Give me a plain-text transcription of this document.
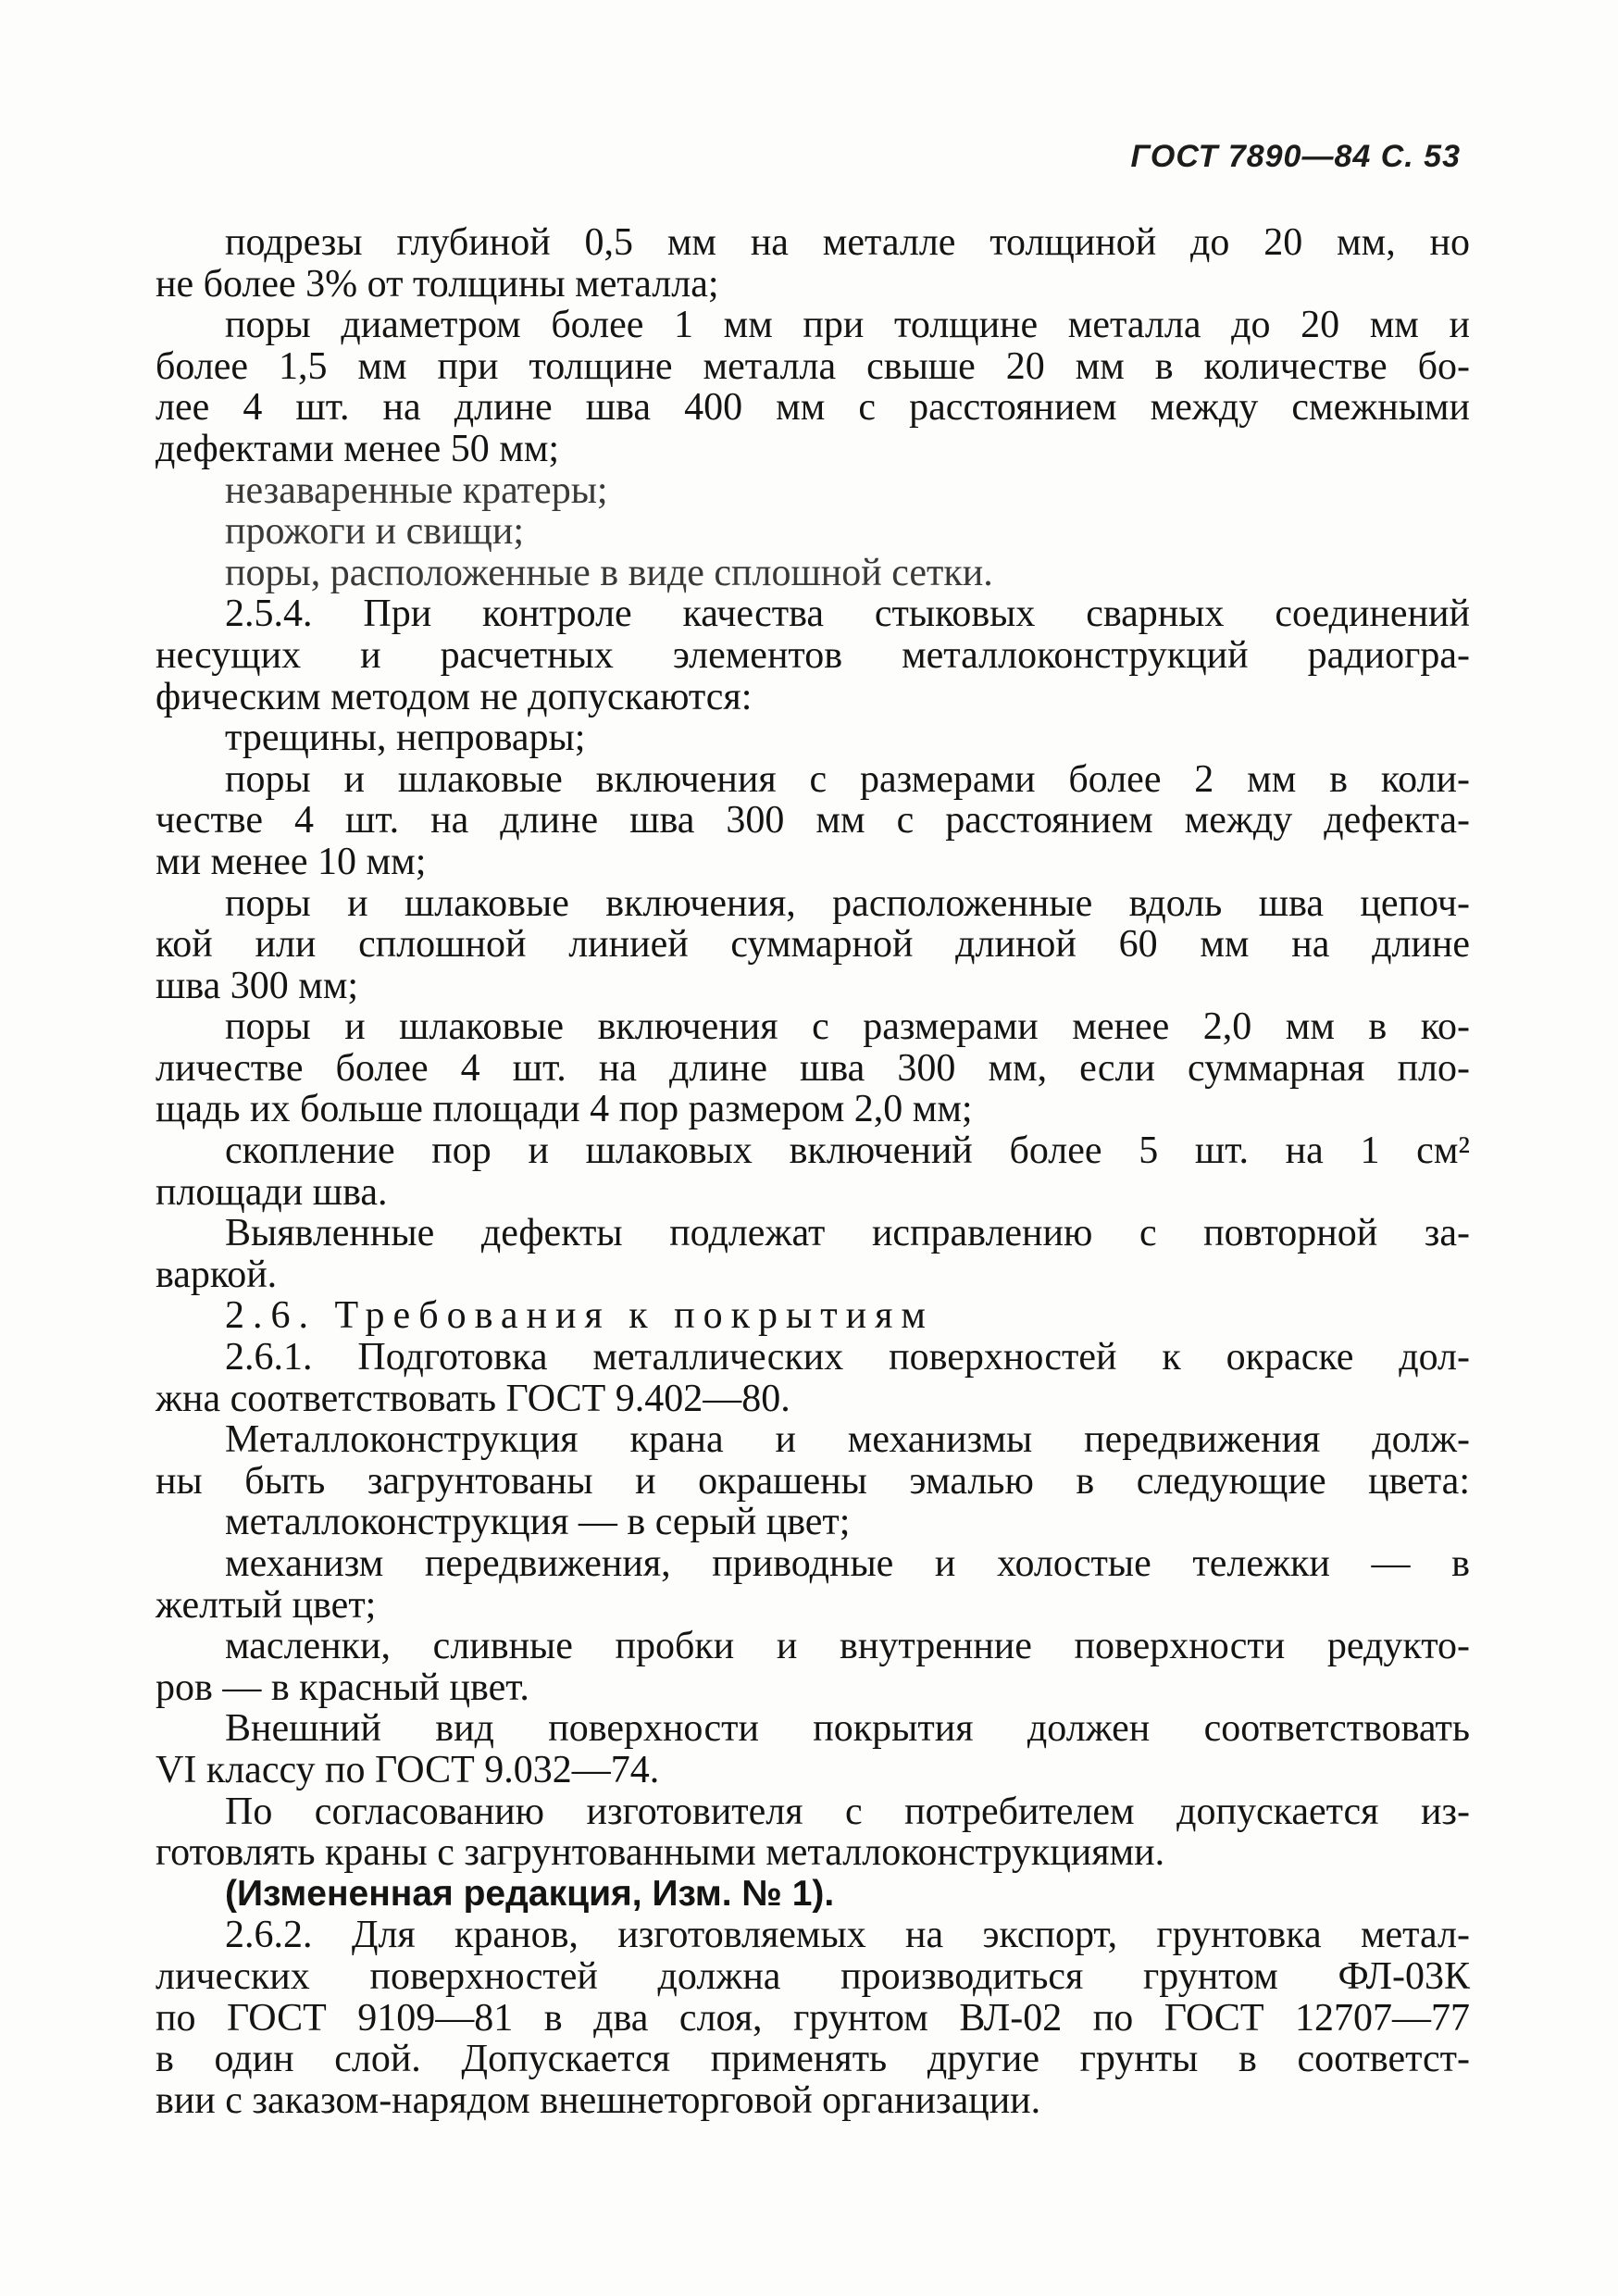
ГОСТ 7890—84 С. 53
подрезы глубиной 0,5 мм на металле толщиной до 20 мм, но
не более 3% от толщины металла;
поры диаметром более 1 мм при толщине металла до 20 мм и
более 1,5 мм при толщине металла свыше 20 мм в количестве бо-
лее 4 шт. на длине шва 400 мм с расстоянием между смежными
дефектами менее 50 мм;
незаваренные кратеры;
прожоги и свищи;
поры, расположенные в виде сплошной сетки.
2.5.4. При контроле качества стыковых сварных соединений
несущих и расчетных элементов металлоконструкций радиогра-
фическим методом не допускаются:
трещины, непровары;
поры и шлаковые включения с размерами более 2 мм в коли-
честве 4 шт. на длине шва 300 мм с расстоянием между дефекта-
ми менее 10 мм;
поры и шлаковые включения, расположенные вдоль шва цепоч-
кой или сплошной линией суммарной длиной 60 мм на длине
шва 300 мм;
поры и шлаковые включения с размерами менее 2,0 мм в ко-
личестве более 4 шт. на длине шва 300 мм, если суммарная пло-
щадь их больше площади 4 пор размером 2,0 мм;
скопление пор и шлаковых включений более 5 шт. на 1 см²
площади шва.
Выявленные дефекты подлежат исправлению с повторной за-
варкой.
2.6. Требования к покрытиям
2.6.1. Подготовка металлических поверхностей к окраске дол-
жна соответствовать ГОСТ 9.402—80.
Металлоконструкция крана и механизмы передвижения долж-
ны быть загрунтованы и окрашены эмалью в следующие цвета:
металлоконструкция — в серый цвет;
механизм передвижения, приводные и холостые тележки — в
желтый цвет;
масленки, сливные пробки и внутренние поверхности редукто-
ров — в красный цвет.
Внешний вид поверхности покрытия должен соответствовать
VI классу по ГОСТ 9.032—74.
По согласованию изготовителя с потребителем допускается из-
готовлять краны с загрунтованными металлоконструкциями.
(Измененная редакция, Изм. № 1).
2.6.2. Для кранов, изготовляемых на экспорт, грунтовка метал-
лических поверхностей должна производиться грунтом ФЛ-03К
по ГОСТ 9109—81 в два слоя, грунтом ВЛ-02 по ГОСТ 12707—77
в один слой. Допускается применять другие грунты в соответст-
вии с заказом-нарядом внешнеторговой организации.
